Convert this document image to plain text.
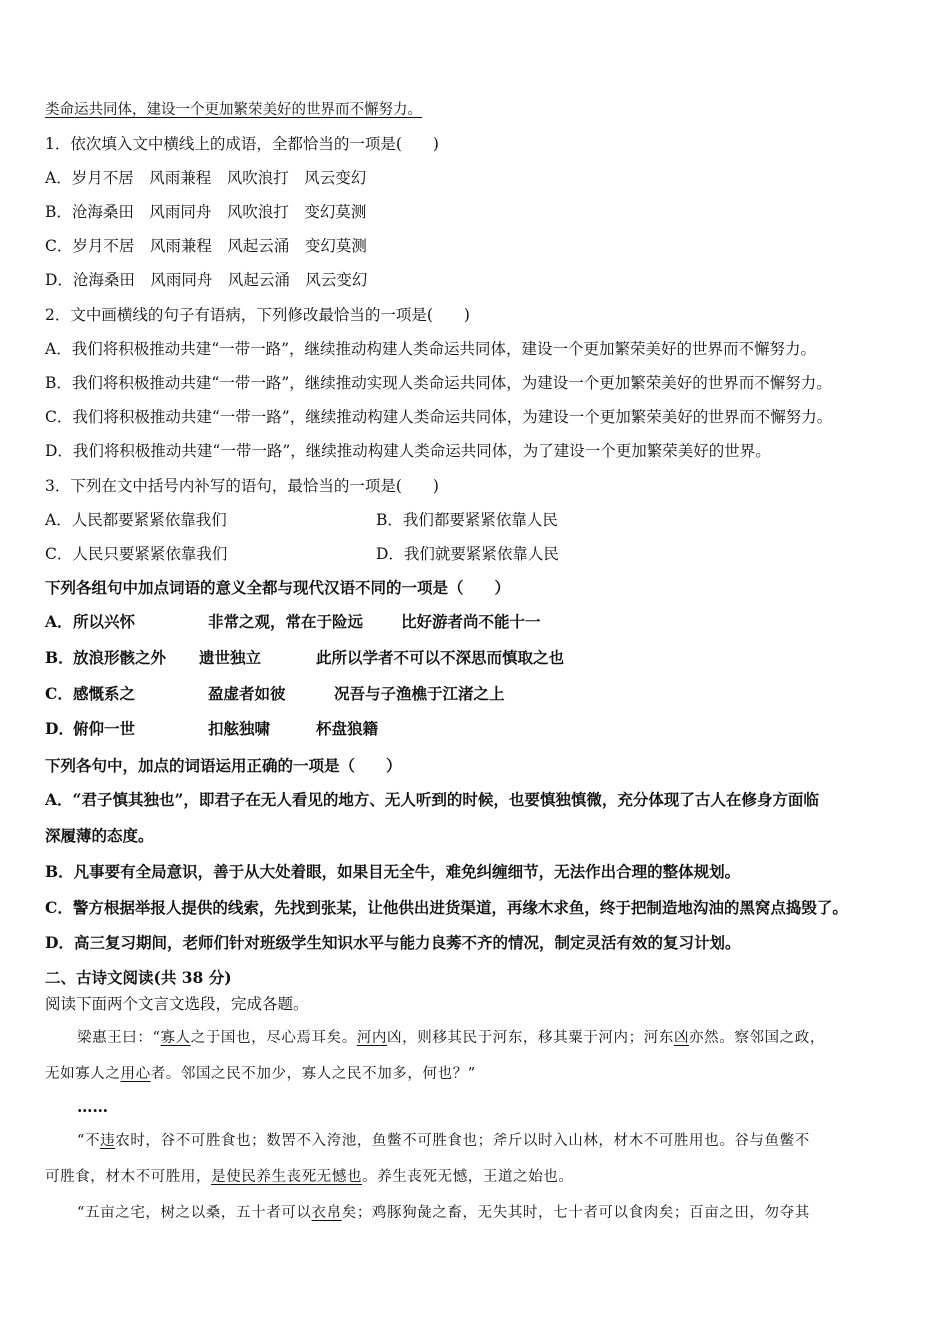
类命运共同体，建设一个更加繁荣美好的世界而不懈努力。
1．依次填入文中横线上的成语，全都恰当的一项是(　　)
A．岁月不居　风雨兼程　风吹浪打　风云变幻
B．沧海桑田　风雨同舟　风吹浪打　变幻莫测
C．岁月不居　风雨兼程　风起云涌　变幻莫测
D．沧海桑田　风雨同舟　风起云涌　风云变幻
2．文中画横线的句子有语病，下列修改最恰当的一项是(　　)
A．我们将积极推动共建“一带一路”，继续推动构建人类命运共同体，建设一个更加繁荣美好的世界而不懈努力。
B．我们将积极推动共建“一带一路”，继续推动实现人类命运共同体，为建设一个更加繁荣美好的世界而不懈努力。
C．我们将积极推动共建“一带一路”，继续推动构建人类命运共同体，为建设一个更加繁荣美好的世界而不懈努力。
D．我们将积极推动共建“一带一路”，继续推动构建人类命运共同体，为了建设一个更加繁荣美好的世界。
3．下列在文中括号内补写的语句，最恰当的一项是(　　)
A．人民都要紧紧依靠我们	B．我们都要紧紧依靠人民
C．人民只要紧紧依靠我们	D．我们就要紧紧依靠人民
下列各组句中加点词语的意义全都与现代汉语不同的一项是（　　）
A． 所以兴怀	非常之观，常在于险远 比好游者尚不能十一
B． 放浪形骸之外 遗世独立	此所以学者不可以不深思而慎取之也
C． 感慨系之	盈虚者如彼	况吾与子渔樵于江渚之上
D． 俯仰一世	扣舷独啸	杯盘狼籍
下列各句中，加点的词语运用正确的一项是（　　）
A．“君子慎其独也”，即君子在无人看见的地方、无人听到的时候，也要慎独慎微，充分体现了古人在修身方面临
深履薄的态度。
B．凡事要有全局意识，善于从大处着眼，如果目无全牛，难免纠缠细节，无法作出合理的整体规划。
C．警方根据举报人提供的线索，先找到张某，让他供出进货渠道，再缘木求鱼，终于把制造地沟油的黑窝点捣毁了。
D．高三复习期间，老师们针对班级学生知识水平与能力良莠不齐的情况，制定灵活有效的复习计划。
二、古诗文阅读(共 38 分)
阅读下面两个文言文选段，完成各题。
梁惠王曰：“寡人之于国也，尽心焉耳矣。河内凶，则移其民于河东，移其粟于河内；河东凶亦然。察邻国之政，
无如寡人之用心者。邻国之民不加少，寡人之民不加多，何也？”
……
“不违农时，谷不可胜食也；数罟不入洿池，鱼鳖不可胜食也；斧斤以时入山林，材木不可胜用也。谷与鱼鳖不
可胜食，材木不可胜用，是使民养生丧死无憾也。养生丧死无憾，王道之始也。
“五亩之宅，树之以桑，五十者可以衣帛矣；鸡豚狗彘之畜，无失其时，七十者可以食肉矣；百亩之田，勿夺其
